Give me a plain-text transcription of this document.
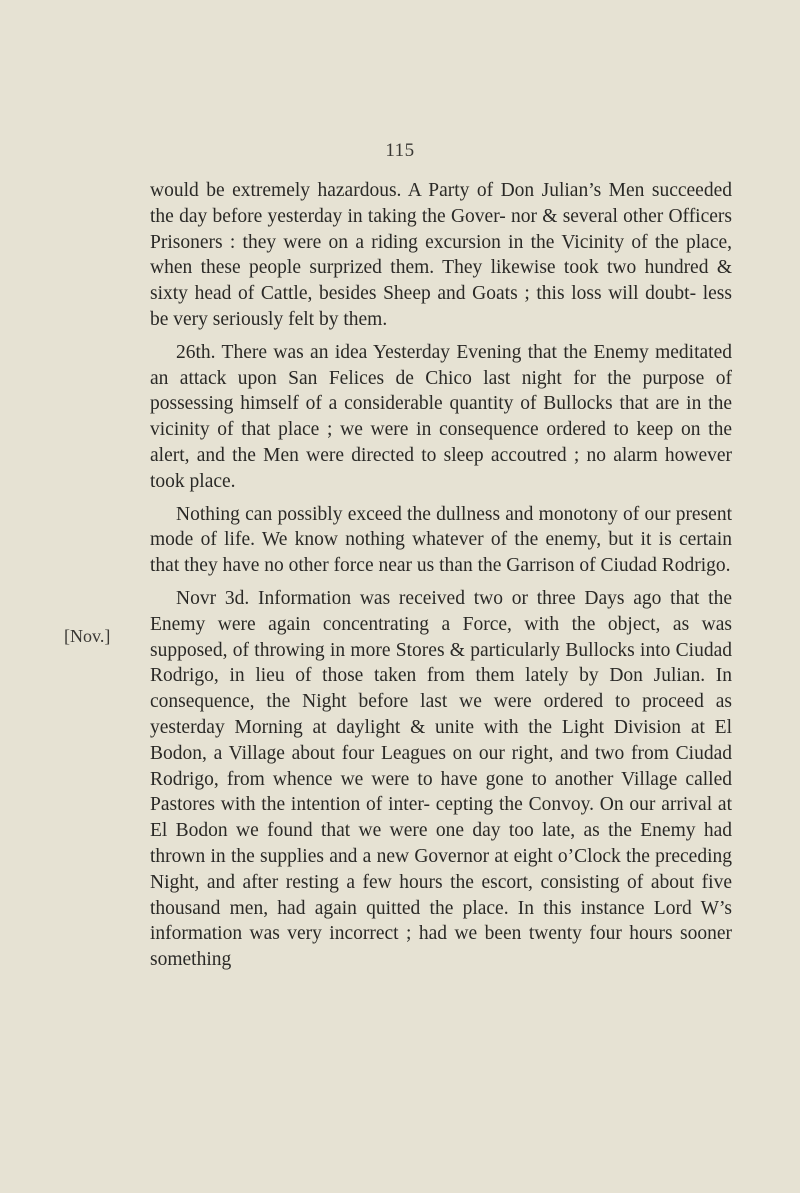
115
[Nov.]

would be extremely hazardous. A Party of Don Julian’s Men succeeded the day before yesterday in taking the Gover- nor & several other Officers Prisoners : they were on a riding excursion in the Vicinity of the place, when these people surprized them. They likewise took two hundred & sixty head of Cattle, besides Sheep and Goats ; this loss will doubt- less be very seriously felt by them.

26th. There was an idea Yesterday Evening that the Enemy meditated an attack upon San Felices de Chico last night for the purpose of possessing himself of a considerable quantity of Bullocks that are in the vicinity of that place ; we were in consequence ordered to keep on the alert, and the Men were directed to sleep accoutred ; no alarm however took place.

Nothing can possibly exceed the dullness and monotony of our present mode of life. We know nothing whatever of the enemy, but it is certain that they have no other force near us than the Garrison of Ciudad Rodrigo.

Novr 3d. Information was received two or three Days ago that the Enemy were again concentrating a Force, with the object, as was supposed, of throwing in more Stores & particularly Bullocks into Ciudad Rodrigo, in lieu of those taken from them lately by Don Julian. In consequence, the Night before last we were ordered to proceed as yesterday Morning at daylight & unite with the Light Division at El Bodon, a Village about four Leagues on our right, and two from Ciudad Rodrigo, from whence we were to have gone to another Village called Pastores with the intention of inter- cepting the Convoy. On our arrival at El Bodon we found that we were one day too late, as the Enemy had thrown in the supplies and a new Governor at eight o’Clock the preceding Night, and after resting a few hours the escort, consisting of about five thousand men, had again quitted the place. In this instance Lord W’s information was very incorrect ; had we been twenty four hours sooner something
